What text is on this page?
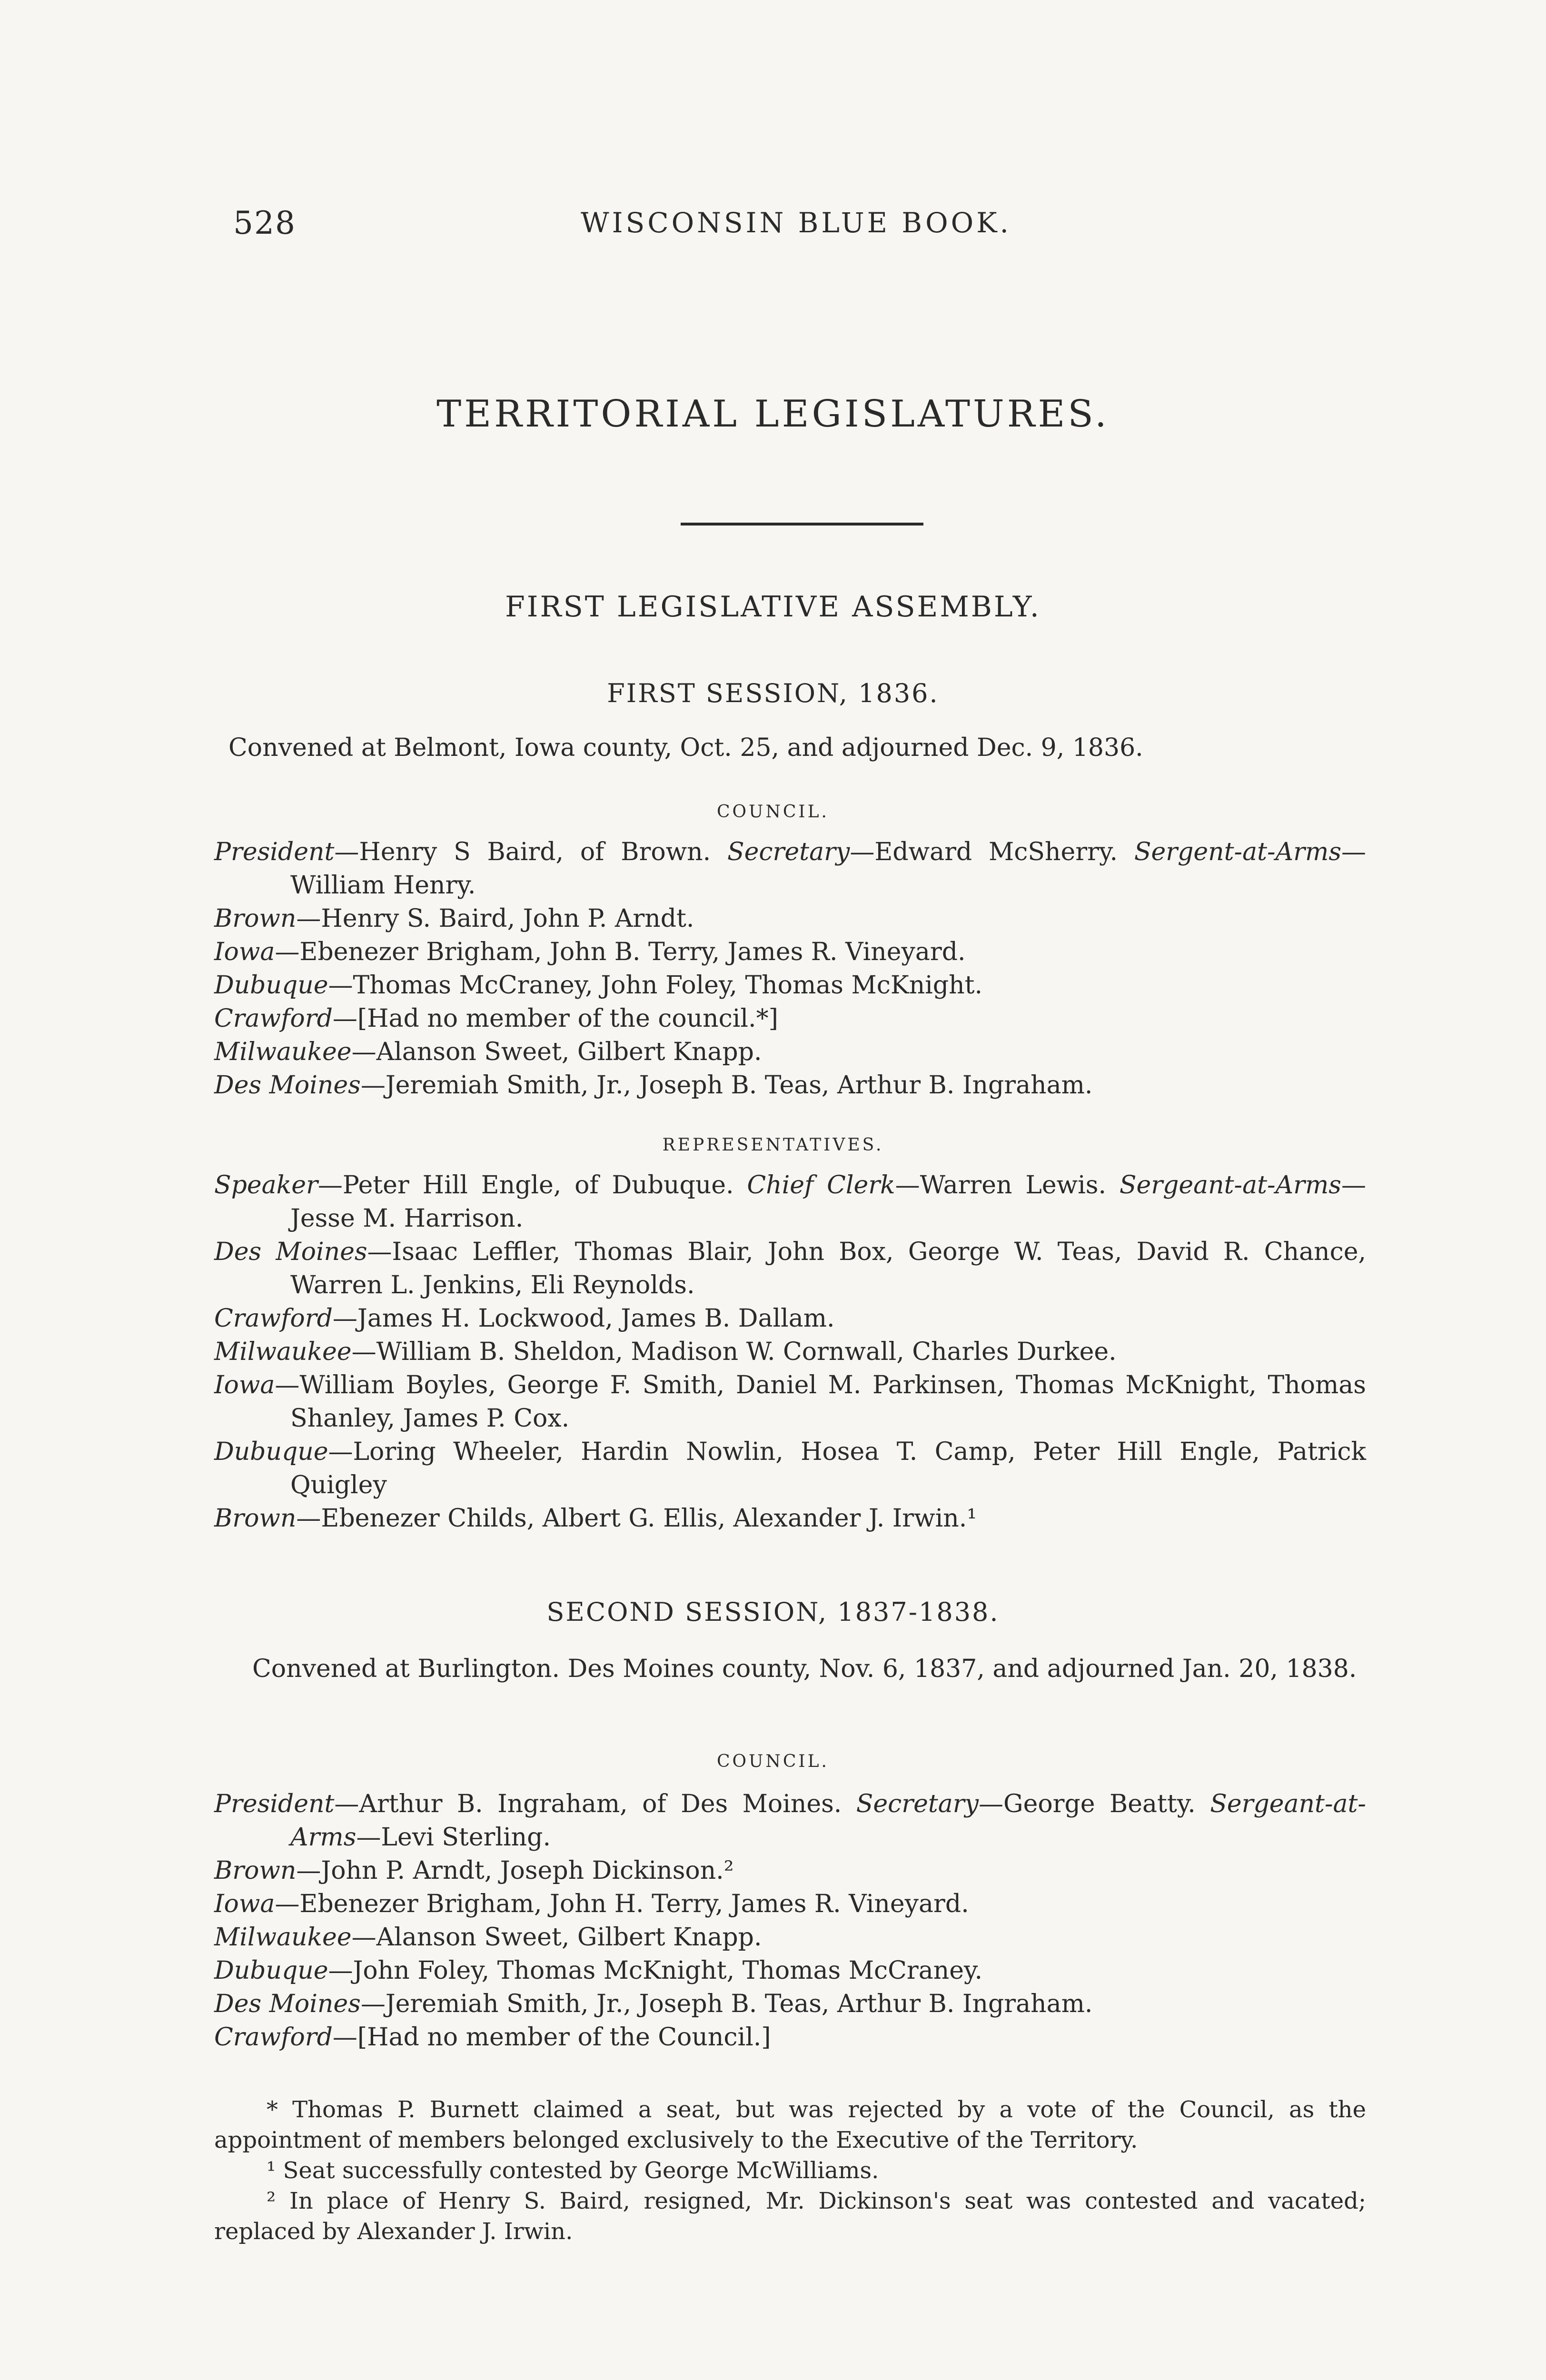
528	WISCONSIN BLUE BOOK.
TERRITORIAL LEGISLATURES.
FIRST LEGISLATIVE ASSEMBLY.
FIRST SESSION, 1836.
Convened at Belmont, Iowa county, Oct. 25, and adjourned Dec. 9, 1836.
COUNCIL.
President—Henry S Baird, of Brown. Secretary—Edward McSherry. Sergent-at-Arms—William Henry.
Brown—Henry S. Baird, John P. Arndt.
Iowa—Ebenezer Brigham, John B. Terry, James R. Vineyard.
Dubuque—Thomas McCraney, John Foley, Thomas McKnight.
Crawford—[Had no member of the council.*]
Milwaukee—Alanson Sweet, Gilbert Knapp.
Des Moines—Jeremiah Smith, Jr., Joseph B. Teas, Arthur B. Ingraham.
REPRESENTATIVES.
Speaker—Peter Hill Engle, of Dubuque. Chief Clerk—Warren Lewis. Sergeant-at-Arms—Jesse M. Harrison.
Des Moines—Isaac Leffler, Thomas Blair, John Box, George W. Teas, David R. Chance, Warren L. Jenkins, Eli Reynolds.
Crawford—James H. Lockwood, James B. Dallam.
Milwaukee—William B. Sheldon, Madison W. Cornwall, Charles Durkee.
Iowa—William Boyles, George F. Smith, Daniel M. Parkinsen, Thomas McKnight, Thomas Shanley, James P. Cox.
Dubuque—Loring Wheeler, Hardin Nowlin, Hosea T. Camp, Peter Hill Engle, Patrick Quigley
Brown—Ebenezer Childs, Albert G. Ellis, Alexander J. Irwin.¹
SECOND SESSION, 1837-1838.
Convened at Burlington. Des Moines county, Nov. 6, 1837, and adjourned Jan. 20, 1838.
COUNCIL.
President—Arthur B. Ingraham, of Des Moines. Secretary—George Beatty. Sergeant-at-Arms—Levi Sterling.
Brown—John P. Arndt, Joseph Dickinson.²
Iowa—Ebenezer Brigham, John H. Terry, James R. Vineyard.
Milwaukee—Alanson Sweet, Gilbert Knapp.
Dubuque—John Foley, Thomas McKnight, Thomas McCraney.
Des Moines—Jeremiah Smith, Jr., Joseph B. Teas, Arthur B. Ingraham.
Crawford—[Had no member of the Council.]
* Thomas P. Burnett claimed a seat, but was rejected by a vote of the Council, as the appointment of members belonged exclusively to the Executive of the Territory.
¹ Seat successfully contested by George McWilliams.
² In place of Henry S. Baird, resigned, Mr. Dickinson's seat was contested and vacated; replaced by Alexander J. Irwin.
